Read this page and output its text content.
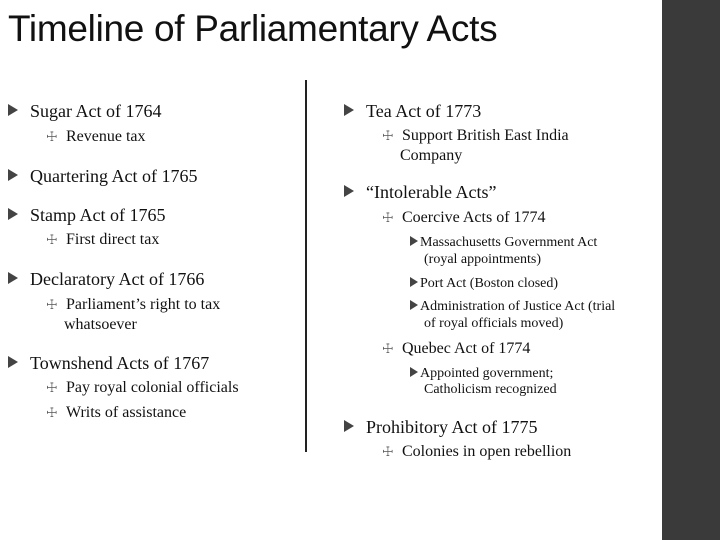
Timeline of Parliamentary Acts
Sugar Act of 1764
☩ Revenue tax
Quartering Act of 1765
Stamp Act of 1765
☩ First direct tax
Declaratory Act of 1766
☩ Parliament’s right to tax
whatsoever
Townshend Acts of 1767
☩ Pay royal colonial officials
☩ Writs of assistance
Tea Act of 1773
☩ Support British East India
Company
“Intolerable Acts”
☩ Coercive Acts of 1774
Massachusetts Government Act
(royal appointments)
Port Act (Boston closed)
Administration of Justice Act (trial
of royal officials moved)
☩ Quebec Act of 1774
Appointed government;
Catholicism recognized
Prohibitory Act of 1775
☩ Colonies in open rebellion
